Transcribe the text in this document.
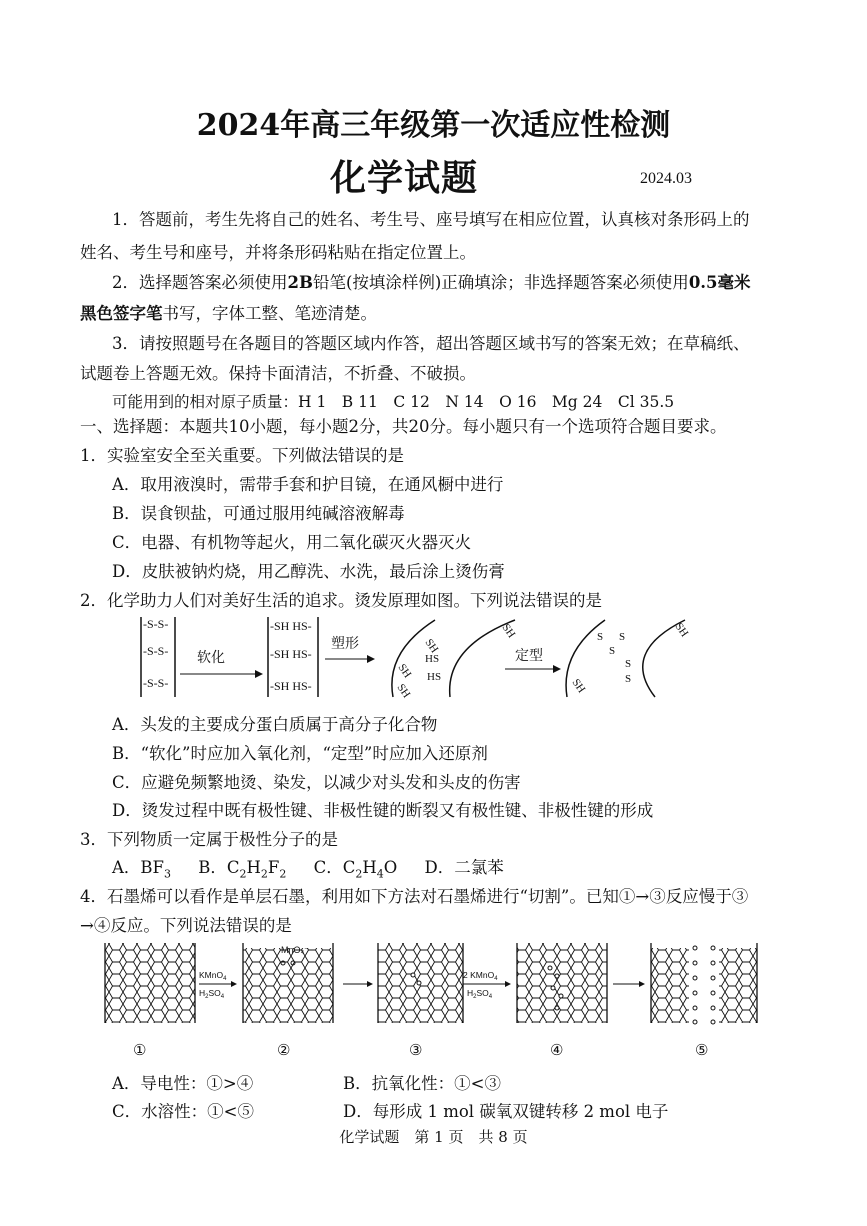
2024年高三年级第一次适应性检测
化学试题	2024.03
1．答题前，考生先将自己的姓名、考生号、座号填写在相应位置，认真核对条形码上的
姓名、考生号和座号，并将条形码粘贴在指定位置上。
2．选择题答案必须使用2B铅笔(按填涂样例)正确填涂；非选择题答案必须使用0.5毫米
黑色签字笔书写，字体工整、笔迹清楚。
3．请按照题号在各题目的答题区域内作答，超出答题区域书写的答案无效；在草稿纸、
试题卷上答题无效。保持卡面清洁，不折叠、不破损。
可能用到的相对原子质量：H 1　B 11　C 12　N 14　O 16　Mg 24　Cl 35.5
一、选择题：本题共10小题，每小题2分，共20分。每小题只有一个选项符合题目要求。
1．实验室安全至关重要。下列做法错误的是
A．取用液溴时，需带手套和护目镜，在通风橱中进行
B．误食钡盐，可通过服用纯碱溶液解毒
C．电器、有机物等起火，用二氧化碳灭火器灭火
D．皮肤被钠灼烧，用乙醇洗、水洗，最后涂上烫伤膏
2．化学助力人们对美好生活的追求。烫发原理如图。下列说法错误的是
-S-S-
-S-S-
-S-S-
软化
-SH HS-
-SH HS-
-SH HS-
塑形	SH
SH
SH
HS
HS
SH
定型
S
S
S
S
S
SH
SH
A．头发的主要成分蛋白质属于高分子化合物
B．“软化”时应加入氧化剂，“定型”时应加入还原剂
C．应避免频繁地烫、染发，以减少对头发和头皮的伤害
D．烫发过程中既有极性键、非极性键的断裂又有极性键、非极性键的形成
3．下列物质一定属于极性分子的是
A．$BF_3$ B．$C_2H_2F_2$ C．$C_2H_4O$ D．二氯苯
4．石墨烯可以看作是单层石墨，利用如下方法对石墨烯进行“切割”。已知①→③反应慢于③
→④反应。下列说法错误的是
①
KMnO$_4$
$H_2SO_4$
MnO₄⁻
②	③
2 KMnO$_4$
$H_2SO_4$
④	⑤
A．导电性：①>④	B．抗氧化性：①<③
C．水溶性：①<⑤	D．每形成 1 mol 碳氧双键转移 2 mol 电子
化学试题　第 1 页　共 8 页
